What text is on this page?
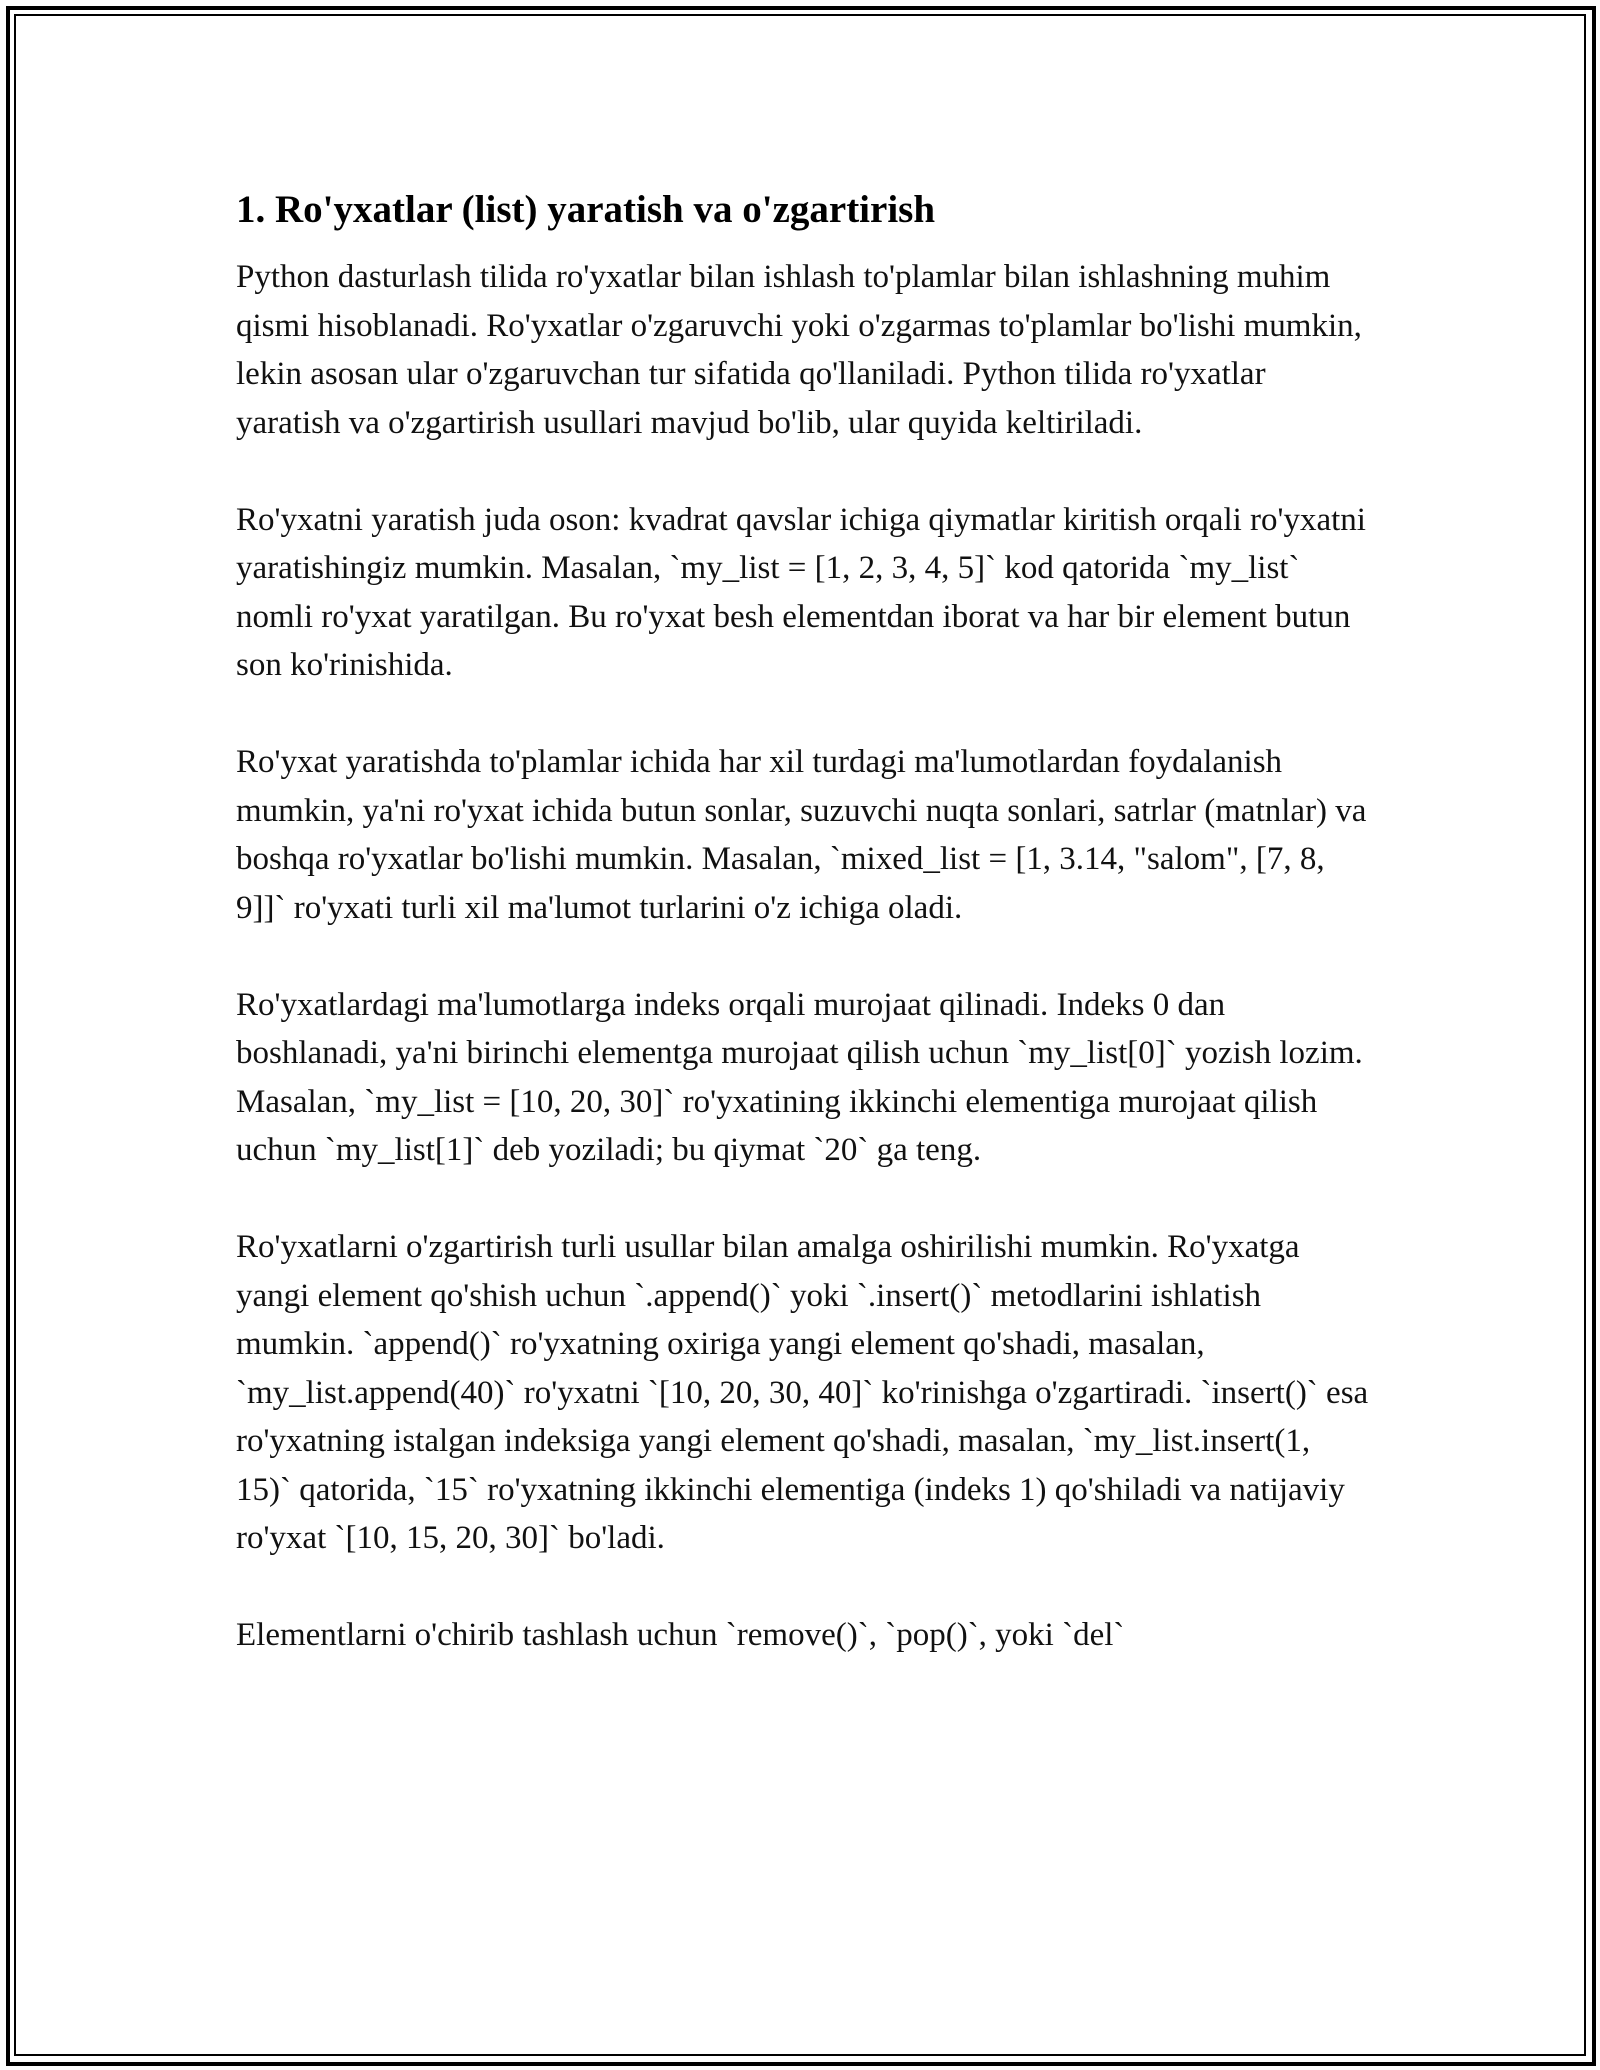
1. Ro'yxatlar (list) yaratish va o'zgartirish

Python dasturlash tilida ro'yxatlar bilan ishlash to'plamlar bilan ishlashning muhim qismi hisoblanadi. Ro'yxatlar o'zgaruvchi yoki o'zgarmas to'plamlar bo'lishi mumkin, lekin asosan ular o'zgaruvchan tur sifatida qo'llaniladi. Python tilida ro'yxatlar yaratish va o'zgartirish usullari mavjud bo'lib, ular quyida keltiriladi.

Ro'yxatni yaratish juda oson: kvadrat qavslar ichiga qiymatlar kiritish orqali ro'yxatni yaratishingiz mumkin. Masalan, `my_list = [1, 2, 3, 4, 5]` kod qatorida `my_list` nomli ro'yxat yaratilgan. Bu ro'yxat besh elementdan iborat va har bir element butun son ko'rinishida.

Ro'yxat yaratishda to'plamlar ichida har xil turdagi ma'lumotlardan foydalanish mumkin, ya'ni ro'yxat ichida butun sonlar, suzuvchi nuqta sonlari, satrlar (matnlar) va boshqa ro'yxatlar bo'lishi mumkin. Masalan, `mixed_list = [1, 3.14, "salom", [7, 8, 9]]` ro'yxati turli xil ma'lumot turlarini o'z ichiga oladi.

Ro'yxatlardagi ma'lumotlarga indeks orqali murojaat qilinadi. Indeks 0 dan boshlanadi, ya'ni birinchi elementga murojaat qilish uchun `my_list[0]` yozish lozim. Masalan, `my_list = [10, 20, 30]` ro'yxatining ikkinchi elementiga murojaat qilish uchun `my_list[1]` deb yoziladi; bu qiymat `20` ga teng.

Ro'yxatlarni o'zgartirish turli usullar bilan amalga oshirilishi mumkin. Ro'yxatga yangi element qo'shish uchun `.append()` yoki `.insert()` metodlarini ishlatish mumkin. `append()` ro'yxatning oxiriga yangi element qo'shadi, masalan, `my_list.append(40)` ro'yxatni `[10, 20, 30, 40]` ko'rinishga o'zgartiradi. `insert()` esa ro'yxatning istalgan indeksiga yangi element qo'shadi, masalan, `my_list.insert(1, 15)` qatorida, `15` ro'yxatning ikkinchi elementiga (indeks 1) qo'shiladi va natijaviy ro'yxat `[10, 15, 20, 30]` bo'ladi.

Elementlarni o'chirib tashlash uchun `remove()`, `pop()`, yoki `del`
